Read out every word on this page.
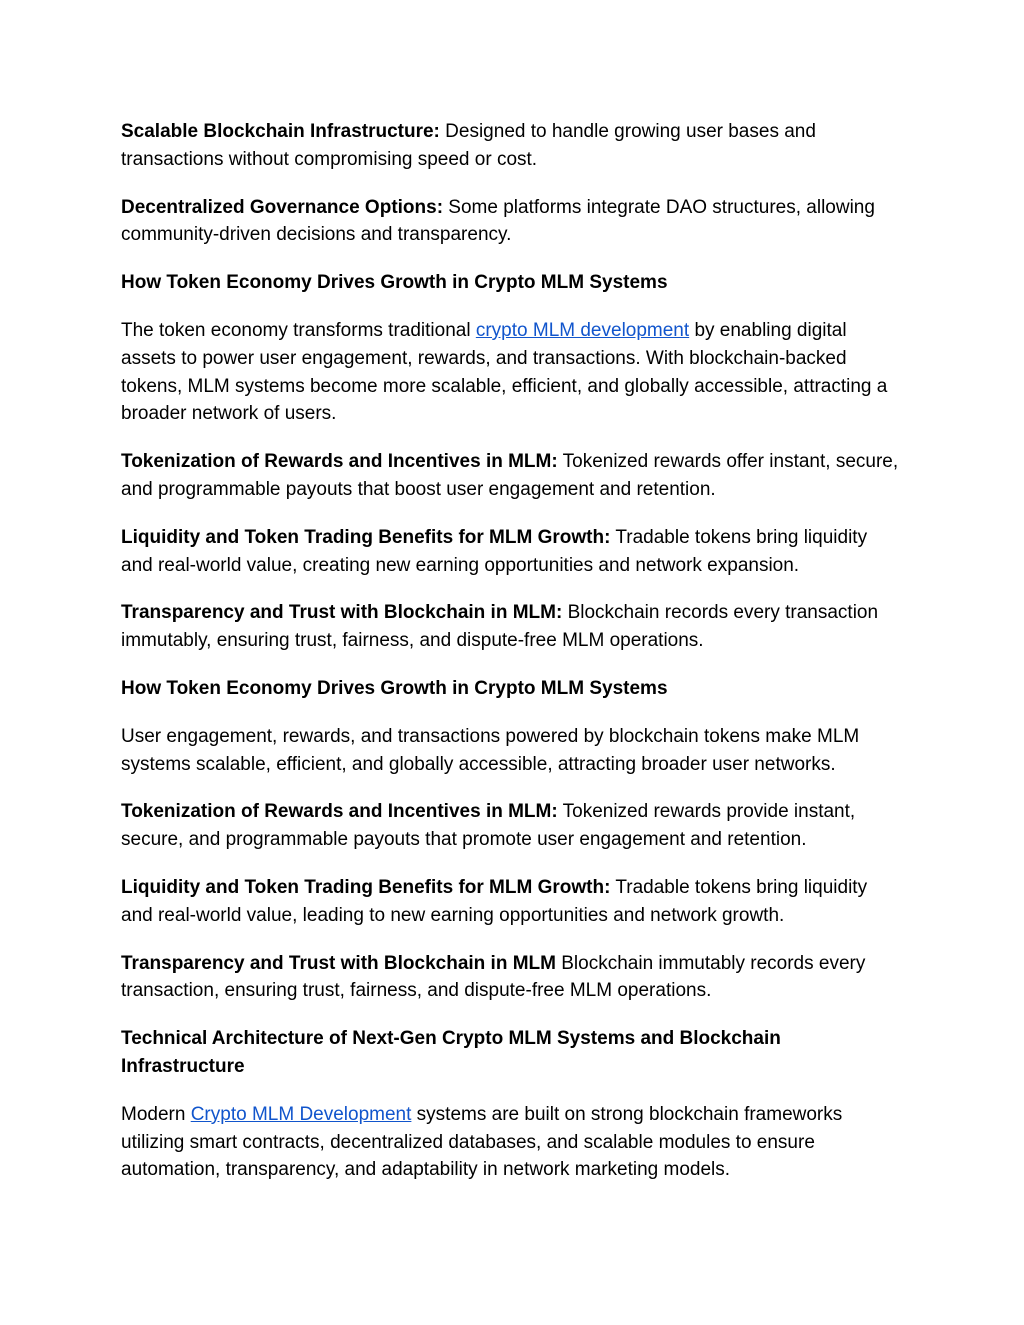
Scalable Blockchain Infrastructure: Designed to handle growing user bases and transactions without compromising speed or cost.

Decentralized Governance Options: Some platforms integrate DAO structures, allowing community-driven decisions and transparency.

How Token Economy Drives Growth in Crypto MLM Systems

The token economy transforms traditional crypto MLM development by enabling digital assets to power user engagement, rewards, and transactions. With blockchain-backed tokens, MLM systems become more scalable, efficient, and globally accessible, attracting a broader network of users.

Tokenization of Rewards and Incentives in MLM: Tokenized rewards offer instant, secure, and programmable payouts that boost user engagement and retention.

Liquidity and Token Trading Benefits for MLM Growth: Tradable tokens bring liquidity and real-world value, creating new earning opportunities and network expansion.

Transparency and Trust with Blockchain in MLM: Blockchain records every transaction immutably, ensuring trust, fairness, and dispute-free MLM operations.

How Token Economy Drives Growth in Crypto MLM Systems

User engagement, rewards, and transactions powered by blockchain tokens make MLM systems scalable, efficient, and globally accessible, attracting broader user networks.

Tokenization of Rewards and Incentives in MLM: Tokenized rewards provide instant, secure, and programmable payouts that promote user engagement and retention.

Liquidity and Token Trading Benefits for MLM Growth: Tradable tokens bring liquidity and real-world value, leading to new earning opportunities and network growth.

Transparency and Trust with Blockchain in MLM Blockchain immutably records every transaction, ensuring trust, fairness, and dispute-free MLM operations.

Technical Architecture of Next-Gen Crypto MLM Systems and Blockchain Infrastructure

Modern Crypto MLM Development systems are built on strong blockchain frameworks utilizing smart contracts, decentralized databases, and scalable modules to ensure automation, transparency, and adaptability in network marketing models.
